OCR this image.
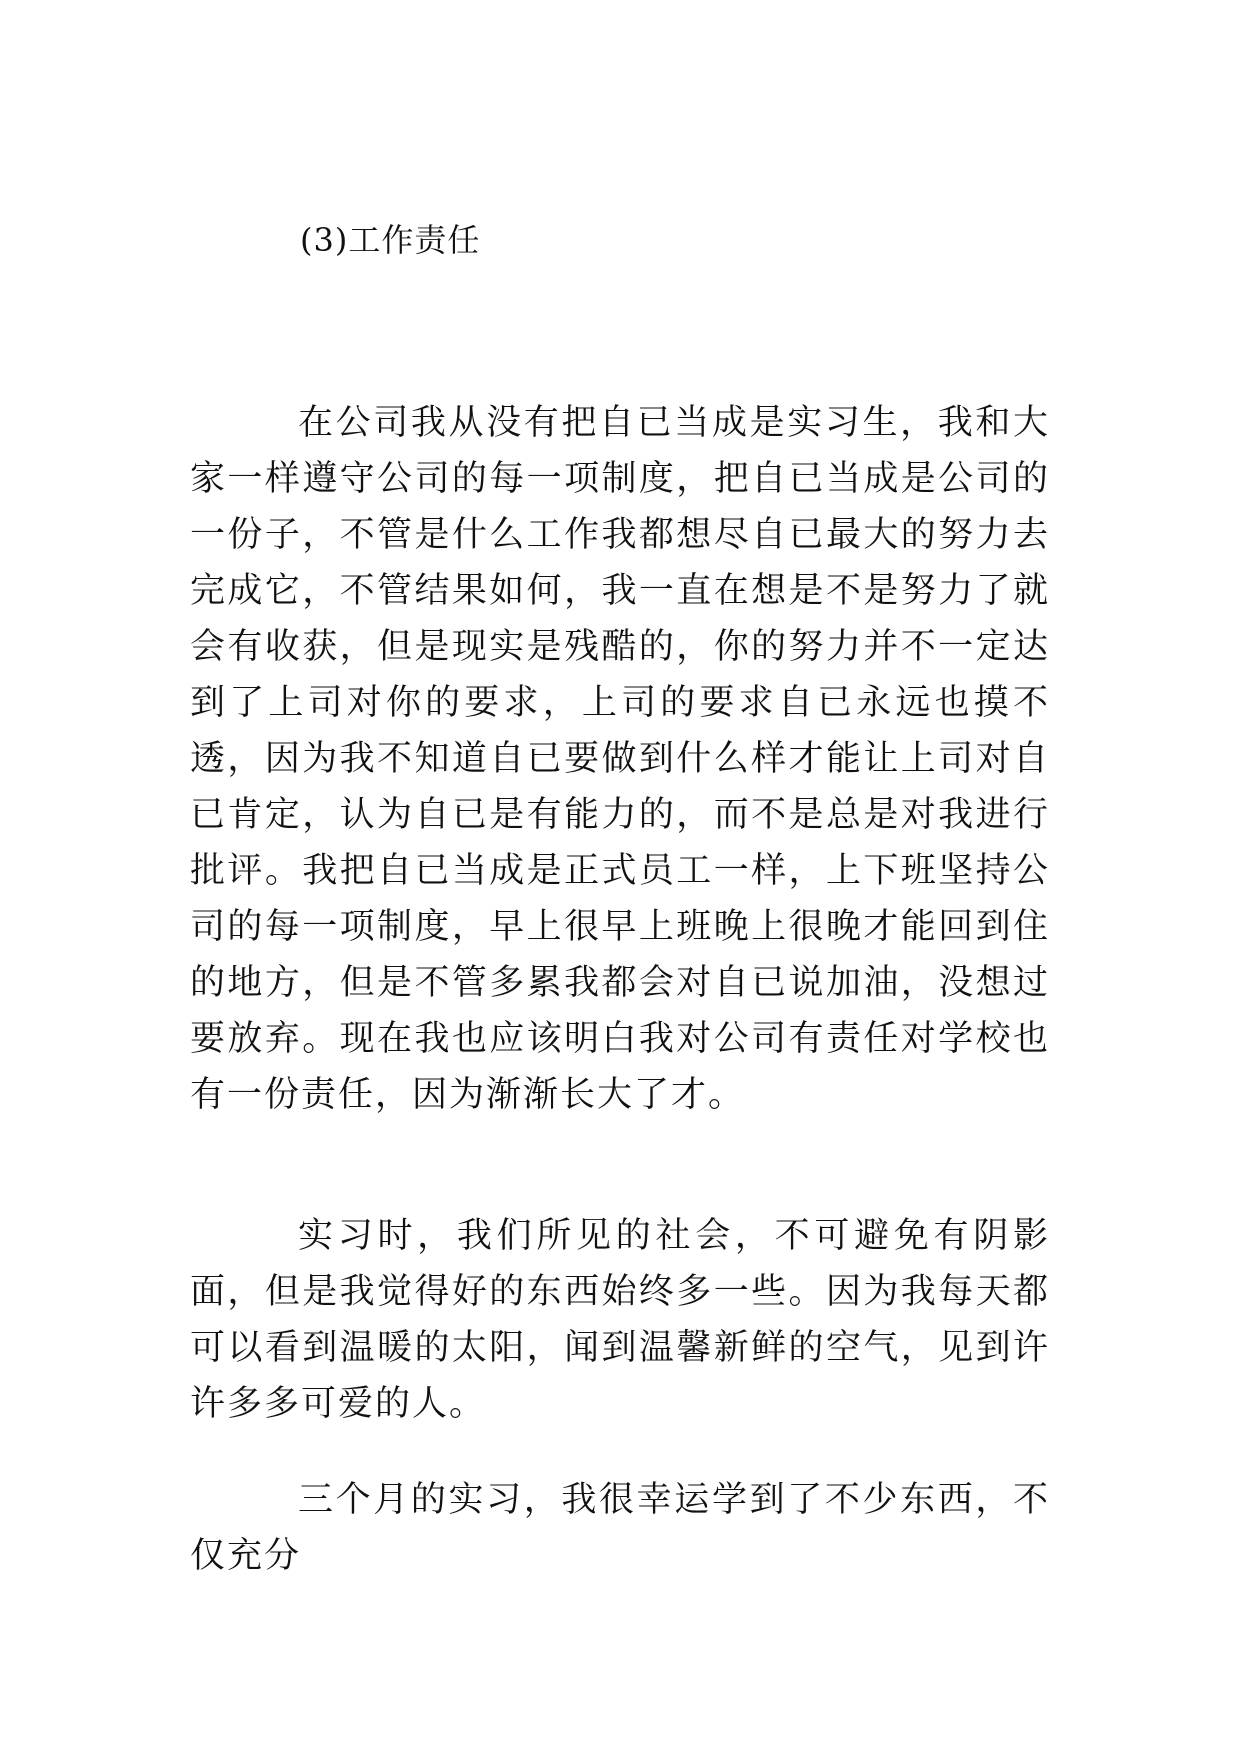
(3)工作责任

在公司我从没有把自已当成是实习生，我和大家一样遵守公司的每一项制度，把自已当成是公司的一份子，不管是什么工作我都想尽自已最大的努力去完成它，不管结果如何，我一直在想是不是努力了就会有收获，但是现实是残酷的，你的努力并不一定达到了上司对你的要求，上司的要求自已永远也摸不透，因为我不知道自已要做到什么样才能让上司对自已肯定，认为自已是有能力的，而不是总是对我进行批评。我把自已当成是正式员工一样，上下班坚持公司的每一项制度，早上很早上班晚上很晚才能回到住的地方，但是不管多累我都会对自已说加油，没想过要放弃。现在我也应该明白我对公司有责任对学校也有一份责任，因为渐渐长大了才。

实习时，我们所见的社会，不可避免有阴影面，但是我觉得好的东西始终多一些。因为我每天都可以看到温暖的太阳，闻到温馨新鲜的空气，见到许许多多可爱的人。

三个月的实习，我很幸运学到了不少东西，不仅充分
